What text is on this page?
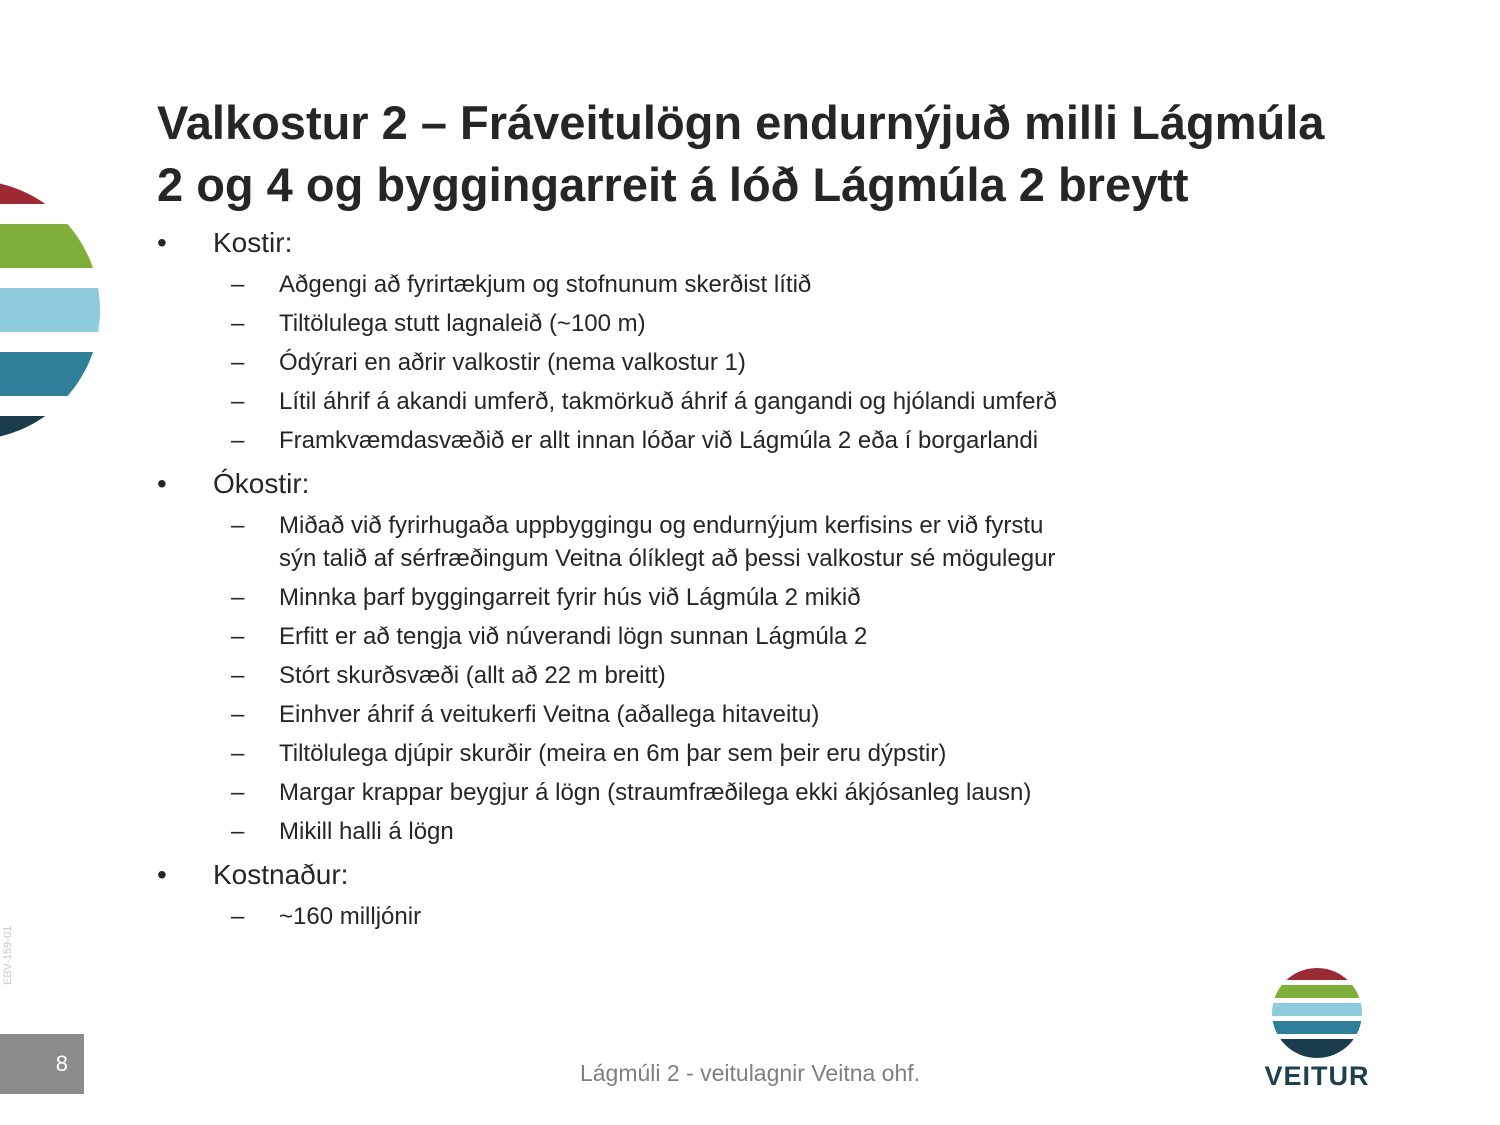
Valkostur 2 – Fráveitulögn endurnýjuð milli Lágmúla
2 og 4 og byggingarreit á lóð Lágmúla 2 breytt
•	Kostir:
– Aðgengi að fyrirtækjum og stofnunum skerðist lítið
– Tiltölulega stutt lagnaleið (~100 m)
– Ódýrari en aðrir valkostir (nema valkostur 1)
– Lítil áhrif á akandi umferð, takmörkuð áhrif á gangandi og hjólandi umferð
– Framkvæmdasvæðið er allt innan lóðar við Lágmúla 2 eða í borgarlandi
•	Ókostir:
– Miðað við fyrirhugaða uppbyggingu og endurnýjum kerfisins er við fyrstu
sýn talið af sérfræðingum Veitna ólíklegt að þessi valkostur sé mögulegur
– Minnka þarf byggingarreit fyrir hús við Lágmúla 2 mikið
– Erfitt er að tengja við núverandi lögn sunnan Lágmúla 2
– Stórt skurðsvæði (allt að 22 m breitt)
– Einhver áhrif á veitukerfi Veitna (aðallega hitaveitu)
– Tiltölulega djúpir skurðir (meira en 6m þar sem þeir eru dýpstir)
– Margar krappar beygjur á lögn (straumfræðilega ekki ákjósanleg lausn)
– Mikill halli á lögn
•	Kostnaður:
– ~160 milljónir
EBV-159-01
8	Lágmúli 2 - veitulagnir Veitna ohf.	VEITUR
